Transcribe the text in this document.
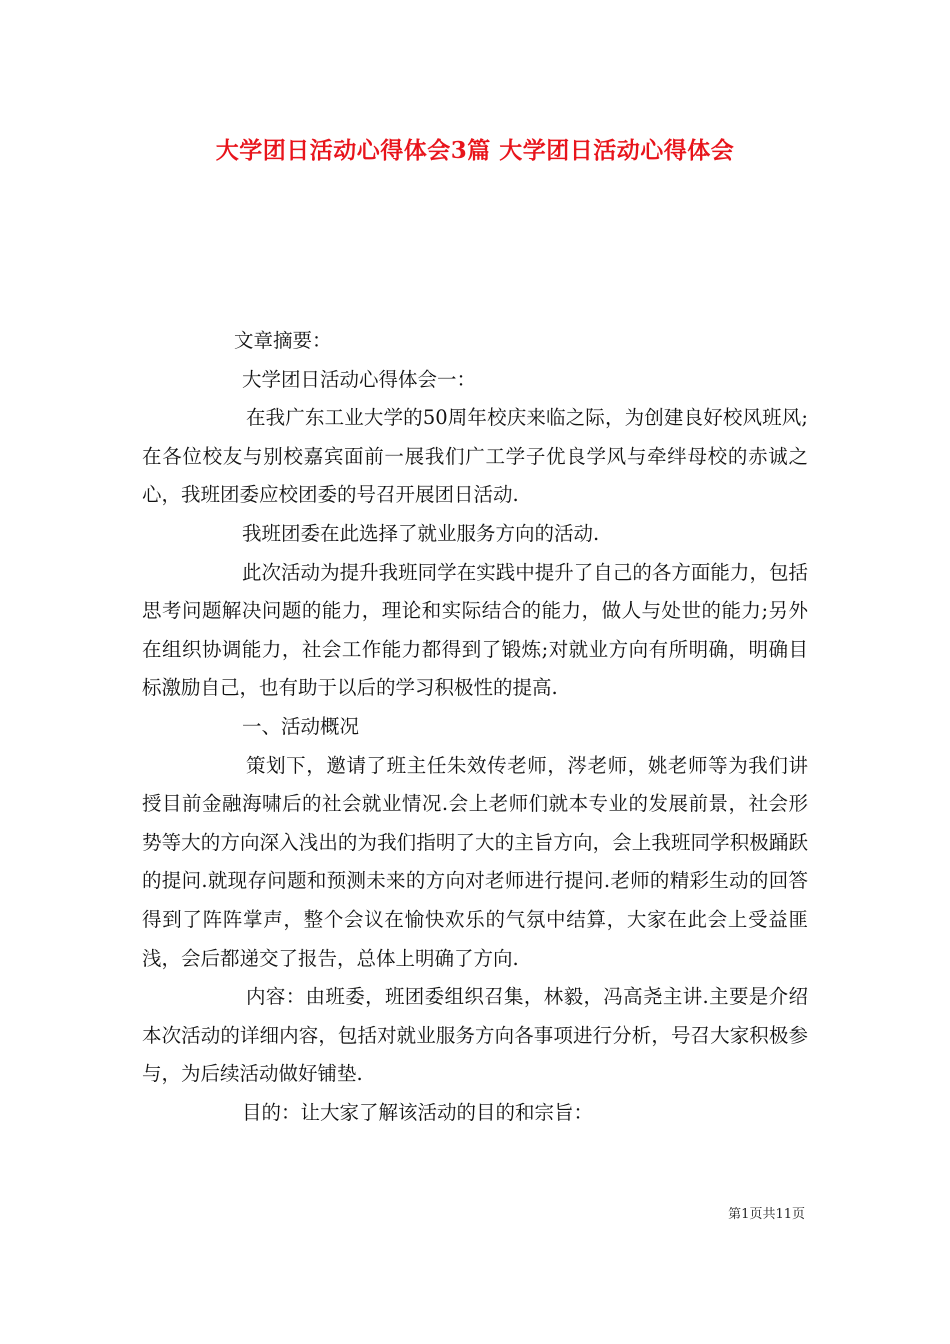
大学团日活动心得体会3篇 大学团日活动心得体会

文章摘要：

大学团日活动心得体会一：

在我广东工业大学的50周年校庆来临之际，为创建良好校风班风;在各位校友与别校嘉宾面前一展我们广工学子优良学风与牵绊母校的赤诚之心，我班团委应校团委的号召开展团日活动.

我班团委在此选择了就业服务方向的活动.

此次活动为提升我班同学在实践中提升了自己的各方面能力，包括思考问题解决问题的能力，理论和实际结合的能力，做人与处世的能力;另外在组织协调能力，社会工作能力都得到了锻炼;对就业方向有所明确，明确目标激励自己，也有助于以后的学习积极性的提高.

一、活动概况

策划下，邀请了班主任朱效传老师，涔老师，姚老师等为我们讲授目前金融海啸后的社会就业情况.会上老师们就本专业的发展前景，社会形势等大的方向深入浅出的为我们指明了大的主旨方向，会上我班同学积极踊跃的提问.就现存问题和预测未来的方向对老师进行提问.老师的精彩生动的回答得到了阵阵掌声，整个会议在愉快欢乐的气氛中结算，大家在此会上受益匪浅，会后都递交了报告，总体上明确了方向.

内容：由班委，班团委组织召集，林毅，冯高尧主讲.主要是介绍本次活动的详细内容，包括对就业服务方向各事项进行分析，号召大家积极参与，为后续活动做好铺垫.

目的：让大家了解该活动的目的和宗旨：

第1页共11页
